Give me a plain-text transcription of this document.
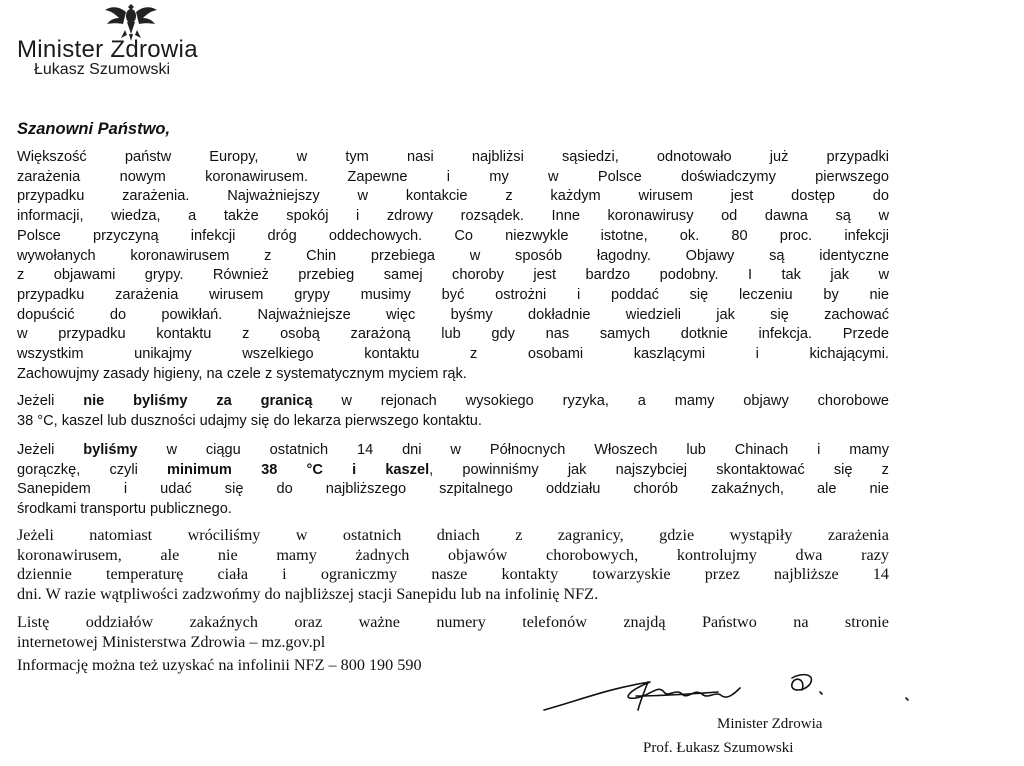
Minister Zdrowia
Łukasz Szumowski
Szanowni Państwo,
Większość państw Europy, w tym nasi najbliżsi sąsiedzi, odnotowało już przypadki
zarażenia nowym koronawirusem. Zapewne i my w Polsce doświadczymy pierwszego
przypadku zarażenia. Najważniejszy w kontakcie z każdym wirusem jest dostęp do
informacji, wiedza, a także spokój i zdrowy rozsądek. Inne koronawirusy od dawna są w
Polsce przyczyną infekcji dróg oddechowych. Co niezwykle istotne, ok. 80 proc. infekcji
wywołanych koronawirusem z Chin przebiega w sposób łagodny. Objawy są identyczne
z objawami grypy. Również przebieg samej choroby jest bardzo podobny. I tak jak w
przypadku zarażenia wirusem grypy musimy być ostrożni i poddać się leczeniu by nie
dopuścić do powikłań. Najważniejsze więc byśmy dokładnie wiedzieli jak się zachować
w przypadku kontaktu z osobą zarażoną lub gdy nas samych dotknie infekcja. Przede
wszystkim unikajmy wszelkiego kontaktu z osobami kaszlącymi i kichającymi.
Zachowujmy zasady higieny, na czele z systematycznym myciem rąk.
Jeżeli nie byliśmy za granicą w rejonach wysokiego ryzyka, a mamy objawy chorobowe
38 °C, kaszel lub duszności udajmy się do lekarza pierwszego kontaktu.
Jeżeli byliśmy w ciągu ostatnich 14 dni w Północnych Włoszech lub Chinach i mamy
gorączkę, czyli minimum 38 °C i kaszel, powinniśmy jak najszybciej skontaktować się z
Sanepidem i udać się do najbliższego szpitalnego oddziału chorób zakaźnych, ale nie
środkami transportu publicznego.
Jeżeli natomiast wróciliśmy w ostatnich dniach z zagranicy, gdzie wystąpiły zarażenia
koronawirusem, ale nie mamy żadnych objawów chorobowych, kontrolujmy dwa razy
dziennie temperaturę ciała i ograniczmy nasze kontakty towarzyskie przez najbliższe 14
dni. W razie wątpliwości zadzwońmy do najbliższej stacji Sanepidu lub na infolinię NFZ.
Listę oddziałów zakaźnych oraz ważne numery telefonów znajdą Państwo na stronie
internetowej Ministerstwa Zdrowia – mz.gov.pl
Informację można też uzyskać na infolinii NFZ – 800 190 590
Minister Zdrowia
Prof. Łukasz Szumowski
